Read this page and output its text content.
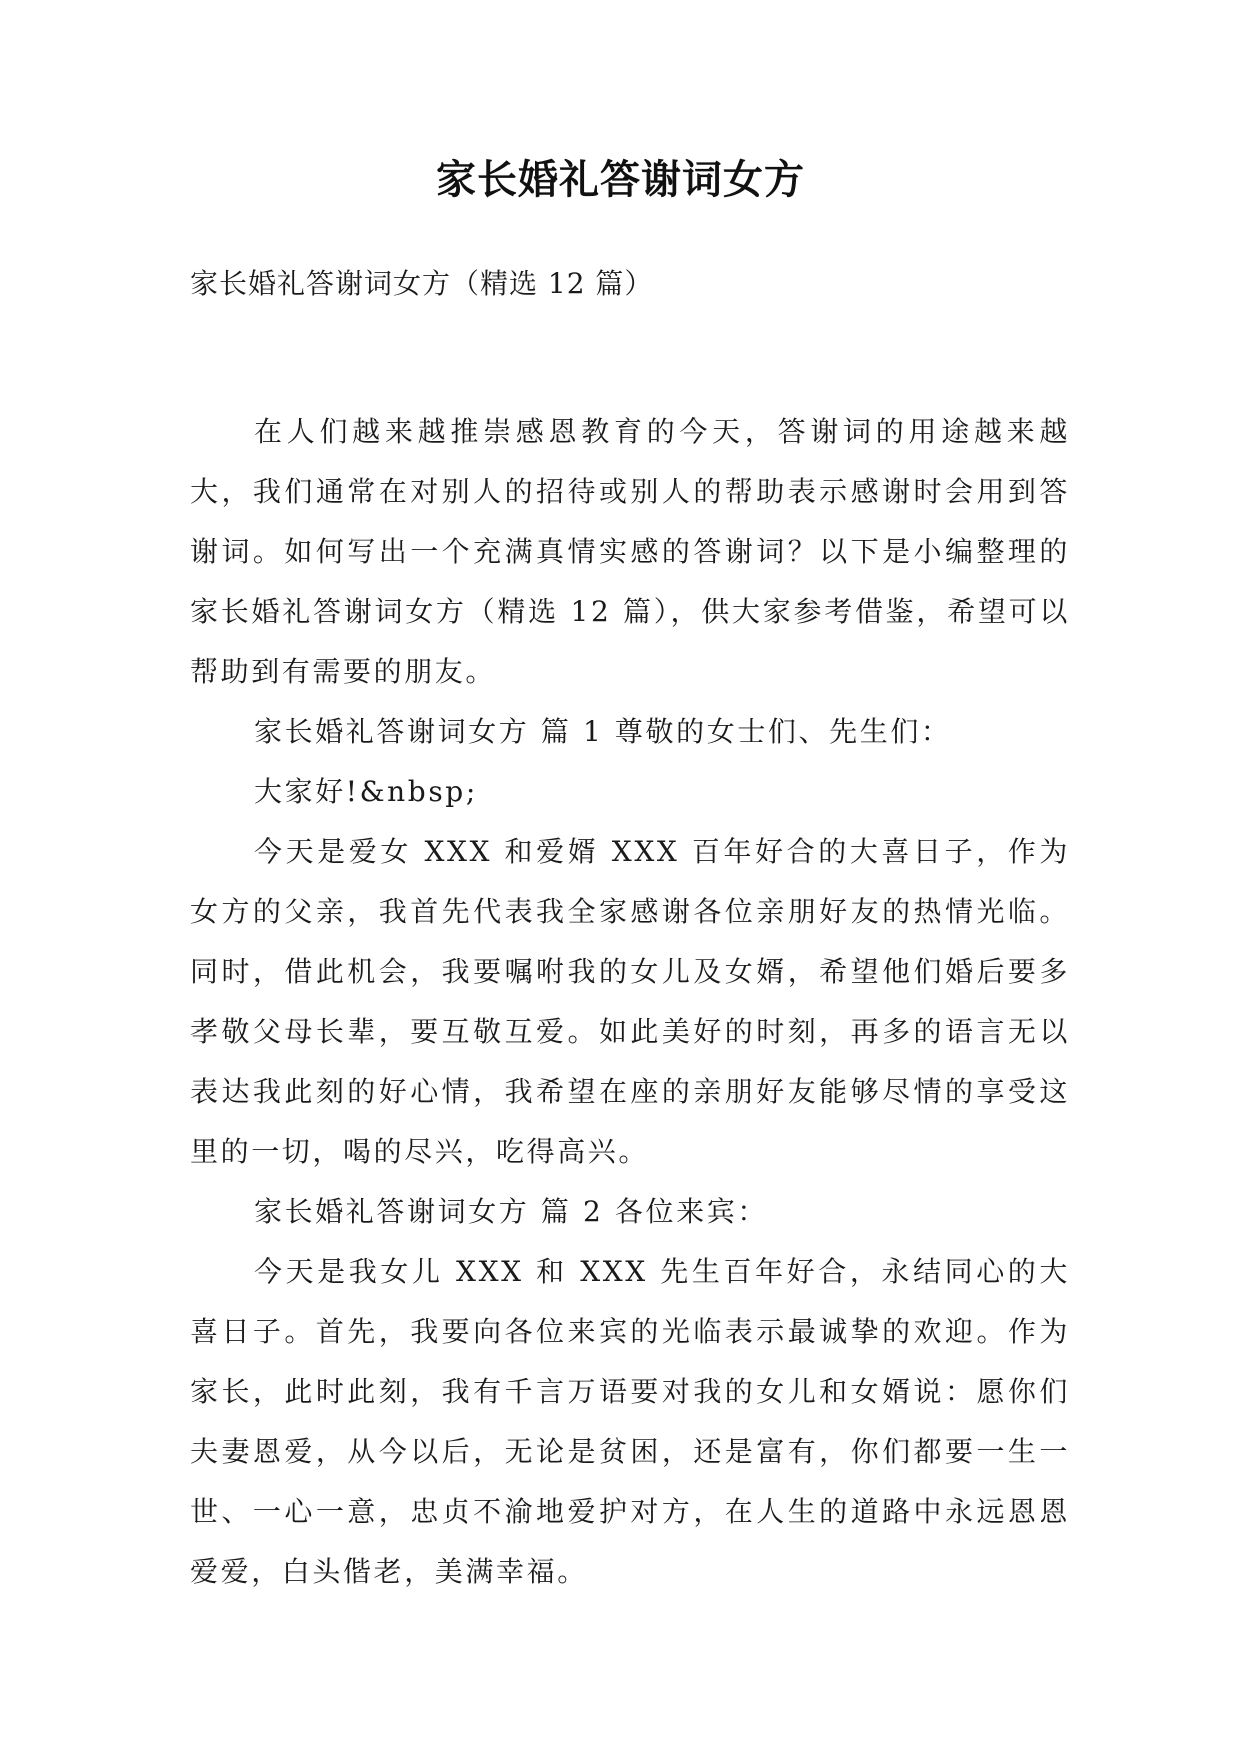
家长婚礼答谢词女方
家长婚礼答谢词女方（精选 12 篇）

在人们越来越推崇感恩教育的今天，答谢词的用途越来越大，我们通常在对别人的招待或别人的帮助表示感谢时会用到答谢词。如何写出一个充满真情实感的答谢词？以下是小编整理的家长婚礼答谢词女方（精选 12 篇），供大家参考借鉴，希望可以帮助到有需要的朋友。

家长婚礼答谢词女方 篇 1 尊敬的女士们、先生们：

大家好!&nbsp;

今天是爱女 XXX 和爱婿 XXX 百年好合的大喜日子，作为女方的父亲，我首先代表我全家感谢各位亲朋好友的热情光临。同时，借此机会，我要嘱咐我的女儿及女婿，希望他们婚后要多孝敬父母长辈，要互敬互爱。如此美好的时刻，再多的语言无以表达我此刻的好心情，我希望在座的亲朋好友能够尽情的享受这里的一切，喝的尽兴，吃得高兴。

家长婚礼答谢词女方 篇 2 各位来宾：

今天是我女儿 XXX 和 XXX 先生百年好合，永结同心的大喜日子。首先，我要向各位来宾的光临表示最诚挚的欢迎。作为家长，此时此刻，我有千言万语要对我的女儿和女婿说：愿你们夫妻恩爱，从今以后，无论是贫困，还是富有，你们都要一生一世、一心一意，忠贞不渝地爱护对方，在人生的道路中永远恩恩爱爱，白头偕老，美满幸福。
